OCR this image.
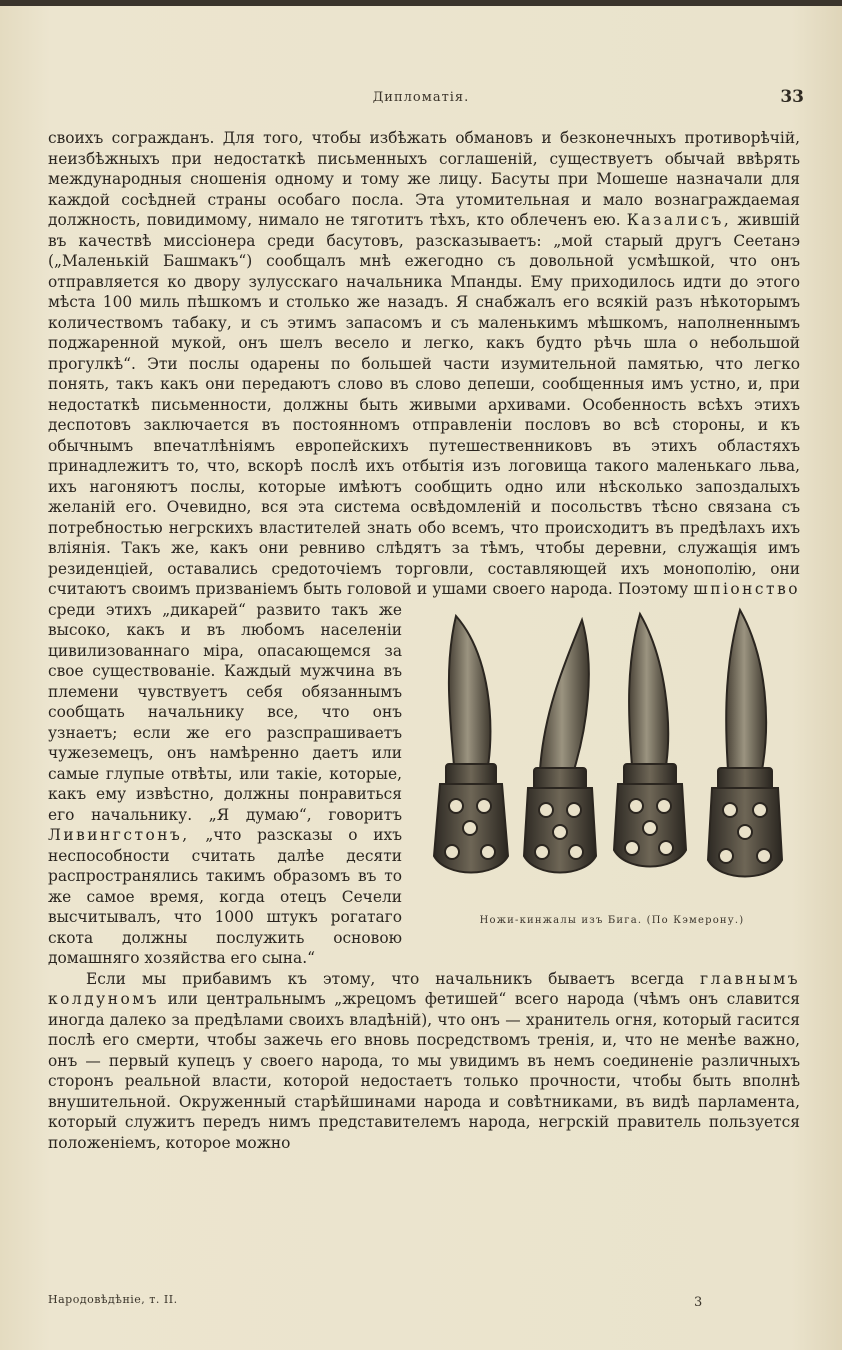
Дипломатія.	33

своихъ согражданъ. Для того, чтобы избѣжать обмановъ и безконечныхъ противорѣчій, неизбѣжныхъ при недостаткѣ письменныхъ соглашеній, существуетъ обычай ввѣрять международныя сношенія одному и тому же лицу. Басуты при Мошеше назначали для каждой сосѣдней страны особаго посла. Эта утомительная и мало вознаграждаемая должность, повидимому, нимало не тяготитъ тѣхъ, кто облеченъ ею. Казалисъ, жившій въ качествѣ миссіонера среди басутовъ, разсказываетъ: „мой старый другъ Сеетанэ („Маленькій Башмакъ“) сообщалъ мнѣ ежегодно съ довольной усмѣшкой, что онъ отправляется ко двору зулусскаго начальника Мпанды. Ему приходилось идти до этого мѣста 100 миль пѣшкомъ и столько же назадъ. Я снабжалъ его всякій разъ нѣкоторымъ количествомъ табаку, и съ этимъ запасомъ и съ маленькимъ мѣшкомъ, наполненнымъ поджаренной мукой, онъ шелъ весело и легко, какъ будто рѣчь шла о небольшой прогулкѣ“. Эти послы одарены по большей части изумительной памятью, что легко понять, такъ какъ они передаютъ слово въ слово депеши, сообщенныя имъ устно, и, при недостаткѣ письменности, должны быть живыми архивами. Особенность всѣхъ этихъ деспотовъ заключается въ постоянномъ отправленіи пословъ во всѣ стороны, и къ обычнымъ впечатлѣніямъ европейскихъ путешественниковъ въ этихъ областяхъ принадлежитъ то, что, вскорѣ послѣ ихъ отбытія изъ логовища такого маленькаго льва, ихъ нагоняютъ послы, которые имѣютъ сообщить одно или нѣсколько запоздалыхъ желаній его. Очевидно, вся эта система освѣдомленій и посольствъ тѣсно связана съ потребностью негрскихъ властителей знать обо всемъ, что происходитъ въ предѣлахъ ихъ вліянія. Такъ же, какъ они ревниво слѣдятъ за тѣмъ, чтобы деревни, служащія имъ резиденціей, оставались средоточіемъ торговли, составляющей ихъ монополію, они считаютъ своимъ призваніемъ быть головой и ушами своего народа. Поэтому
Ножи-кинжалы изъ Бига. (По Кэмерону.)
шпіонство среди этихъ „дикарей“ развито такъ же высоко, какъ и въ любомъ населеніи цивилизованнаго міра, опасающемся за свое существованіе. Каждый мужчина въ племени чувствуетъ себя обязаннымъ сообщать начальнику все, что онъ узнаетъ; если же его разспрашиваетъ чужеземецъ, онъ намѣренно даетъ или самые глупые отвѣты, или такіе, которые, какъ ему извѣстно, должны понравиться его начальнику. „Я думаю“, говоритъ Ливингстонъ, „что разсказы о ихъ неспособности считать далѣе десяти распространялись такимъ образомъ въ то же самое время, когда отецъ Сечели высчитывалъ, что 1000 штукъ рогатаго скота должны послужить основою домашняго хозяйства его сына.“

Если мы прибавимъ къ этому, что начальникъ бываетъ всегда главнымъ колдуномъ или центральнымъ „жрецомъ фетишей“ всего народа (чѣмъ онъ славится иногда далеко за предѣлами своихъ владѣній), что онъ — хранитель огня, который гасится послѣ его смерти, чтобы зажечь его вновь посредствомъ тренія, и, что не менѣе важно, онъ — первый купецъ у своего народа, то мы увидимъ въ немъ соединеніе различныхъ сторонъ реальной власти, которой недостаетъ только прочности, чтобы быть вполнѣ внушительной. Окруженный старѣйшинами народа и совѣтниками, въ видѣ парламента, который служитъ передъ нимъ представителемъ народа, негрскій правитель пользуется положеніемъ, которое можно

Народовѣдѣніе, т. II.	3
